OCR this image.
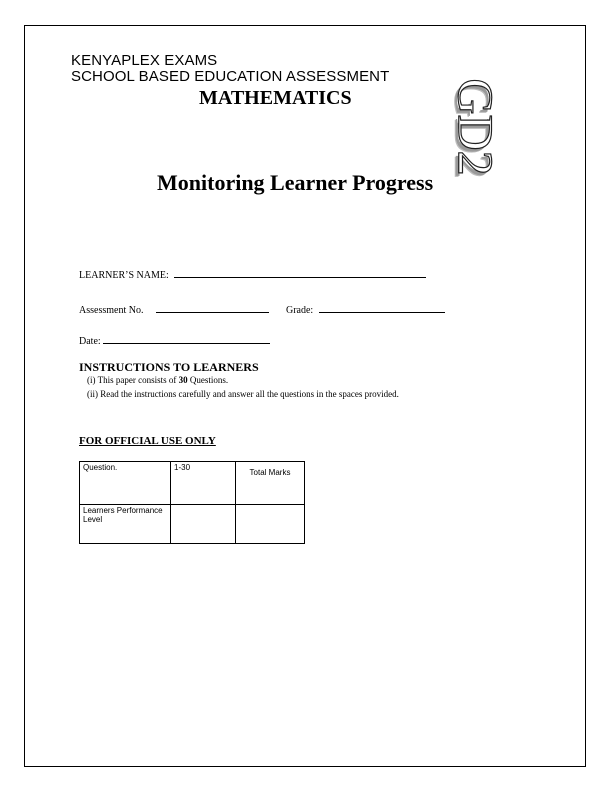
KENYAPLEX EXAMS
SCHOOL BASED EDUCATION ASSESSMENT
MATHEMATICS	GD2
Monitoring Learner Progress
LEARNER’S NAME:
Assessment No.	Grade:
Date:
INSTRUCTIONS TO LEARNERS
(i) This paper consists of 30 Questions.
(ii) Read the instructions carefully and answer all the questions in the spaces provided.
FOR OFFICIAL USE ONLY
Question.	1-30	Total Marks
Learners Performance Level		
